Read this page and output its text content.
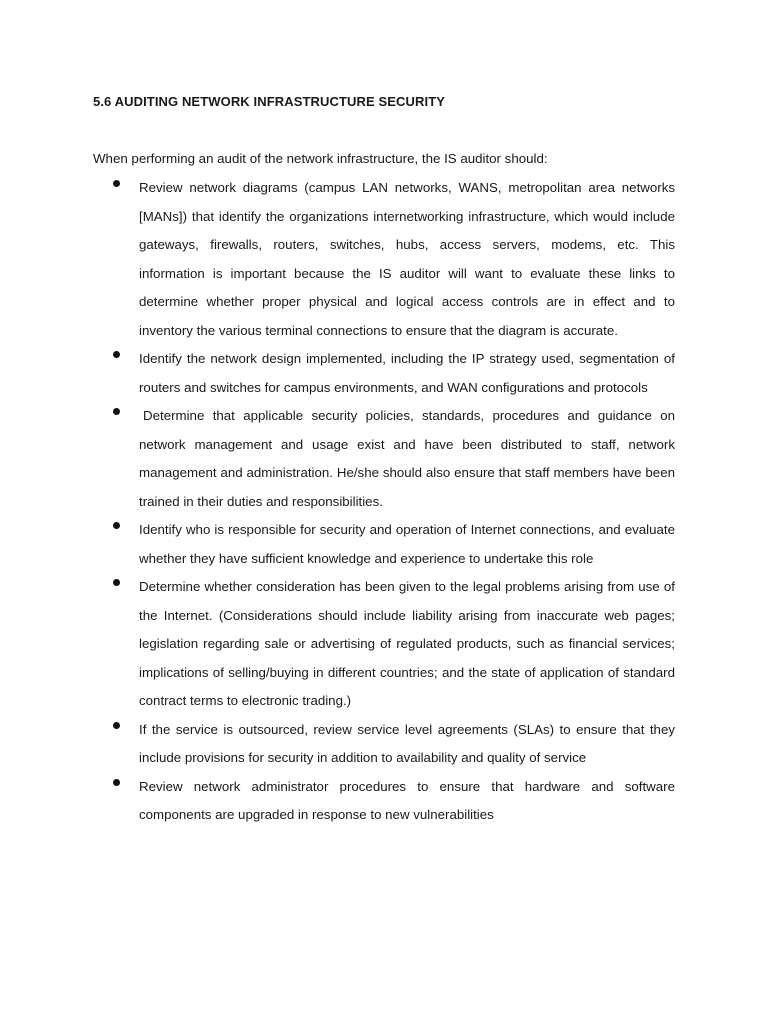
5.6 AUDITING NETWORK INFRASTRUCTURE SECURITY
When performing an audit of the network infrastructure, the IS auditor should:
Review network diagrams (campus LAN networks, WANS, metropolitan area networks [MANs]) that identify the organizations internetworking infrastructure, which would include gateways, firewalls, routers, switches, hubs, access servers, modems, etc. This information is important because the IS auditor will want to evaluate these links to determine whether proper physical and logical access controls are in effect and to inventory the various terminal connections to ensure that the diagram is accurate.
Identify the network design implemented, including the IP strategy used, segmentation of routers and switches for campus environments, and WAN configurations and protocols
Determine that applicable security policies, standards, procedures and guidance on network management and usage exist and have been distributed to staff, network management and administration. He/she should also ensure that staff members have been trained in their duties and responsibilities.
Identify who is responsible for security and operation of Internet connections, and evaluate whether they have sufficient knowledge and experience to undertake this role
Determine whether consideration has been given to the legal problems arising from use of the Internet. (Considerations should include liability arising from inaccurate web pages; legislation regarding sale or advertising of regulated products, such as financial services; implications of selling/buying in different countries; and the state of application of standard contract terms to electronic trading.)
If the service is outsourced, review service level agreements (SLAs) to ensure that they include provisions for security in addition to availability and quality of service
Review network administrator procedures to ensure that hardware and software components are upgraded in response to new vulnerabilities
